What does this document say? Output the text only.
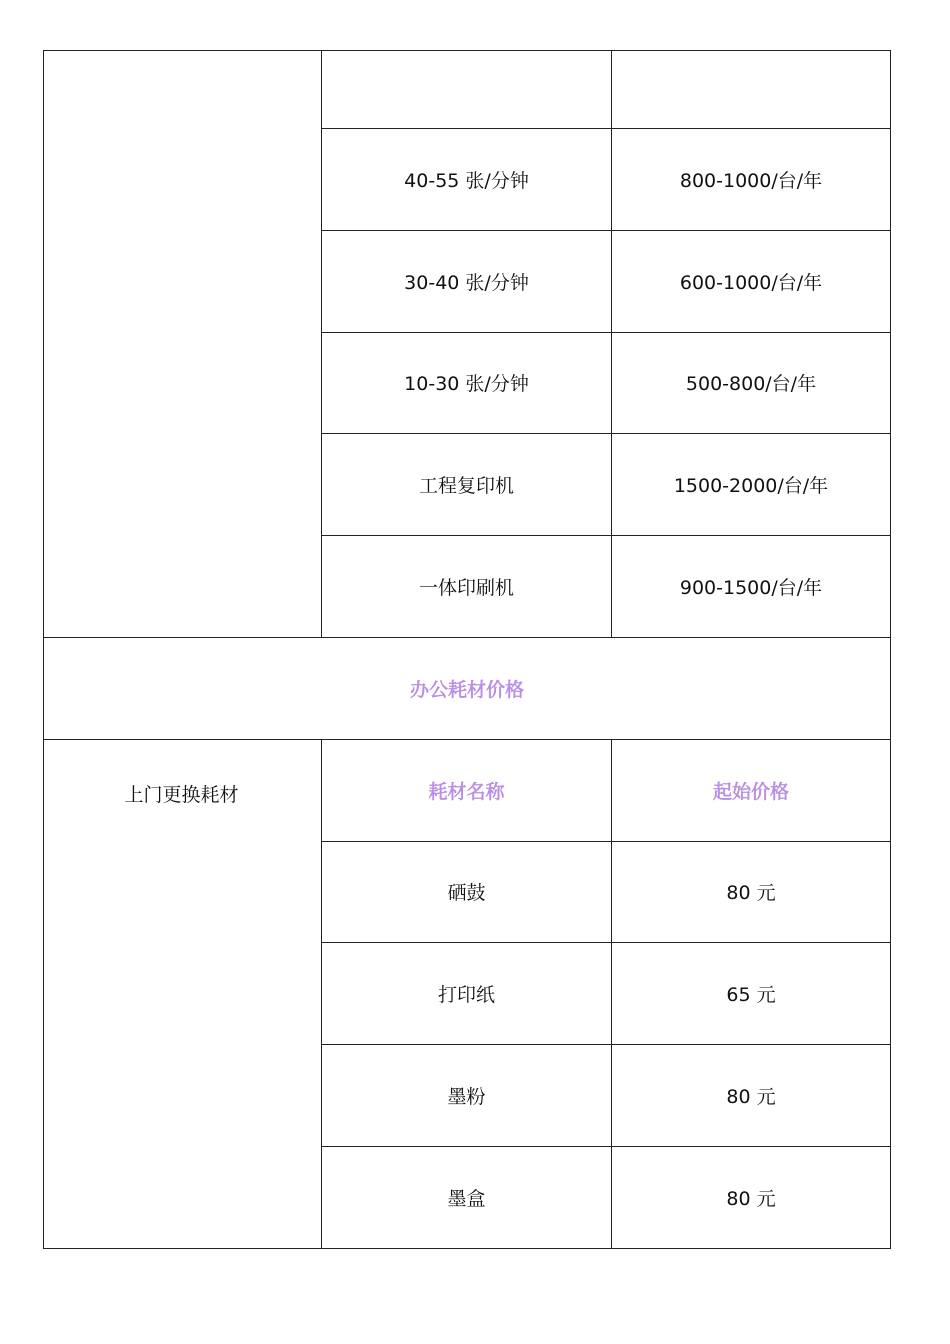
	40-55 张/分钟	800-1000/台/年
	30-40 张/分钟	600-1000/台/年
	10-30 张/分钟	500-800/台/年
	工程复印机	1500-2000/台/年
	一体印刷机	900-1500/台/年
办公耗材价格		

上门更换耗材	耗材名称	起始价格
	硒鼓	80 元
	打印纸	65 元
	墨粉	80 元
	墨盒	80 元
